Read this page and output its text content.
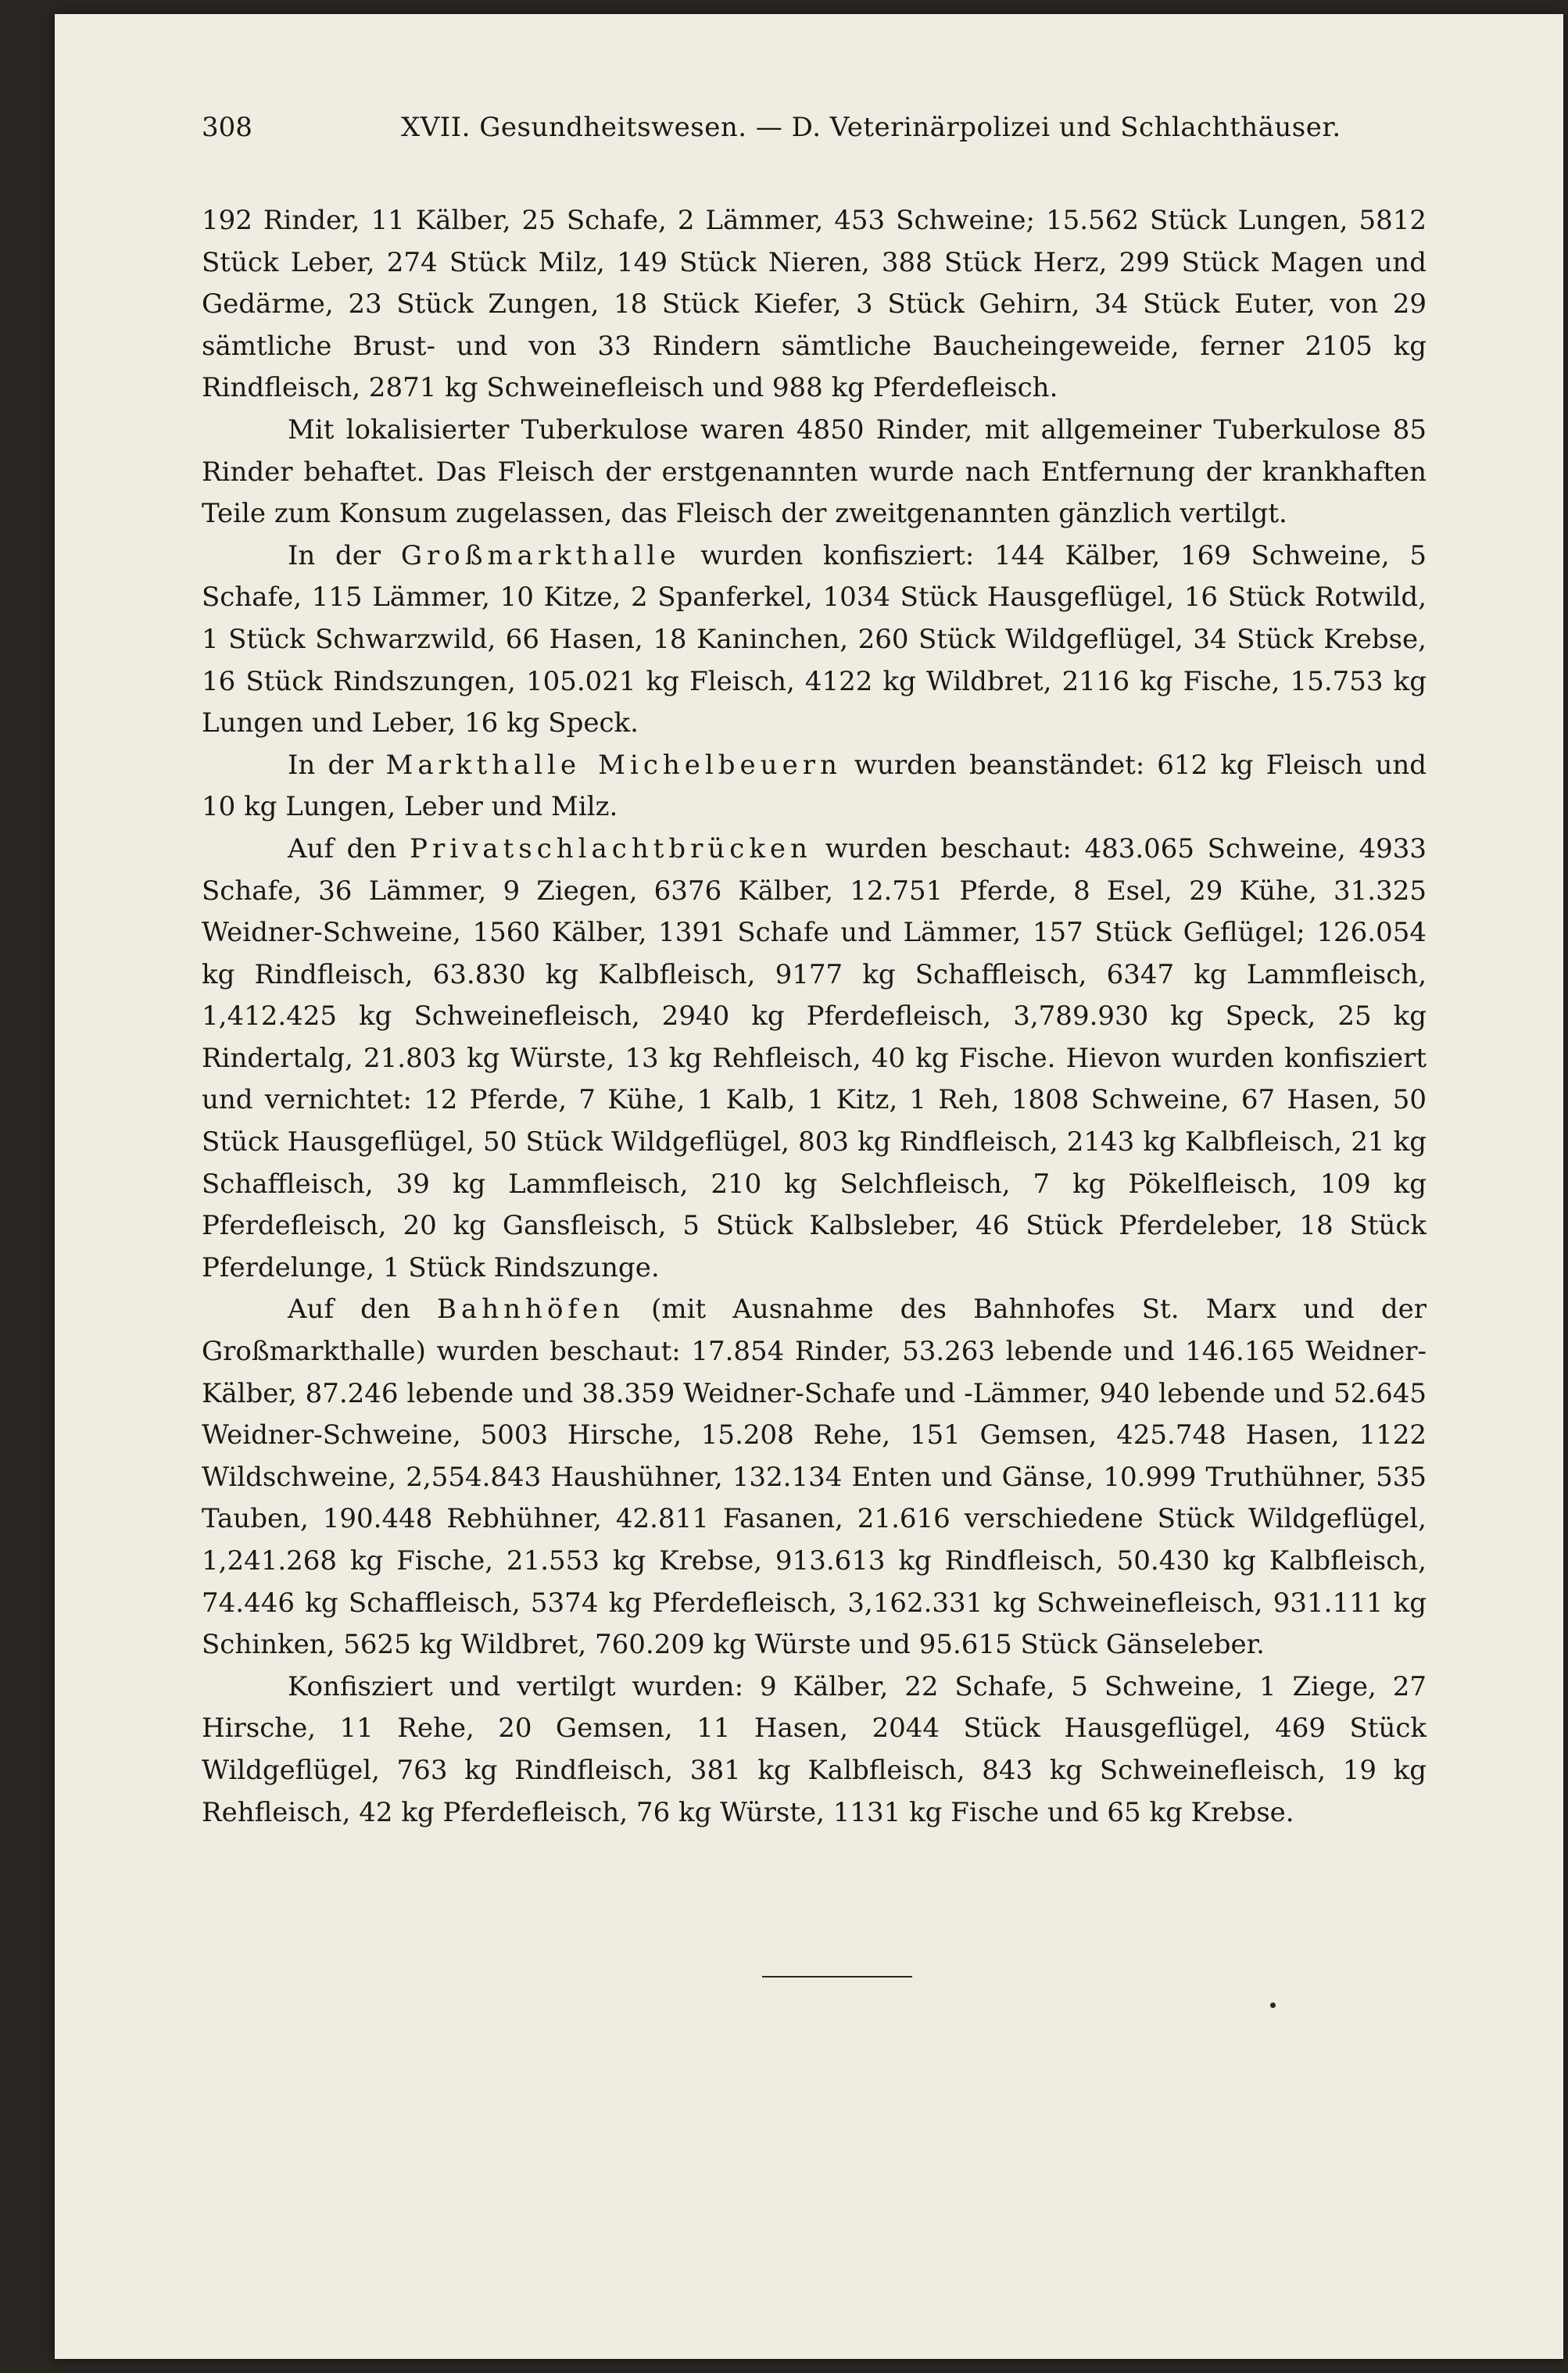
308	XVII. Gesundheitswesen. — D. Veterinärpolizei und Schlachthäuser.

192 Rinder, 11 Kälber, 25 Schafe, 2 Lämmer, 453 Schweine; 15.562 Stück Lungen, 5812 Stück Leber, 274 Stück Milz, 149 Stück Nieren, 388 Stück Herz, 299 Stück Magen und Gedärme, 23 Stück Zungen, 18 Stück Kiefer, 3 Stück Gehirn, 34 Stück Euter, von 29 sämtliche Brust- und von 33 Rindern sämtliche Baucheingeweide, ferner 2105 kg Rindfleisch, 2871 kg Schweinefleisch und 988 kg Pferdefleisch.

Mit lokalisierter Tuberkulose waren 4850 Rinder, mit allgemeiner Tuberkulose 85 Rinder behaftet. Das Fleisch der erstgenannten wurde nach Entfernung der krankhaften Teile zum Konsum zugelassen, das Fleisch der zweitgenannten gänzlich vertilgt.

In der Großmarkthalle wurden konfisziert: 144 Kälber, 169 Schweine, 5 Schafe, 115 Lämmer, 10 Kitze, 2 Spanferkel, 1034 Stück Hausgeflügel, 16 Stück Rotwild, 1 Stück Schwarzwild, 66 Hasen, 18 Kaninchen, 260 Stück Wildgeflügel, 34 Stück Krebse, 16 Stück Rindszungen, 105.021 kg Fleisch, 4122 kg Wildbret, 2116 kg Fische, 15.753 kg Lungen und Leber, 16 kg Speck.

In der Markthalle Michelbeuern wurden beanständet: 612 kg Fleisch und 10 kg Lungen, Leber und Milz.

Auf den Privatschlachtbrücken wurden beschaut: 483.065 Schweine, 4933 Schafe, 36 Lämmer, 9 Ziegen, 6376 Kälber, 12.751 Pferde, 8 Esel, 29 Kühe, 31.325 Weidner-Schweine, 1560 Kälber, 1391 Schafe und Lämmer, 157 Stück Geflügel; 126.054 kg Rindfleisch, 63.830 kg Kalbfleisch, 9177 kg Schaffleisch, 6347 kg Lammfleisch, 1,412.425 kg Schweinefleisch, 2940 kg Pferdefleisch, 3,789.930 kg Speck, 25 kg Rindertalg, 21.803 kg Würste, 13 kg Rehfleisch, 40 kg Fische. Hievon wurden konfisziert und vernichtet: 12 Pferde, 7 Kühe, 1 Kalb, 1 Kitz, 1 Reh, 1808 Schweine, 67 Hasen, 50 Stück Hausgeflügel, 50 Stück Wildgeflügel, 803 kg Rindfleisch, 2143 kg Kalbfleisch, 21 kg Schaffleisch, 39 kg Lammfleisch, 210 kg Selchfleisch, 7 kg Pökelfleisch, 109 kg Pferdefleisch, 20 kg Gansfleisch, 5 Stück Kalbsleber, 46 Stück Pferdeleber, 18 Stück Pferdelunge, 1 Stück Rindszunge.

Auf den Bahnhöfen (mit Ausnahme des Bahnhofes St. Marx und der Großmarkthalle) wurden beschaut: 17.854 Rinder, 53.263 lebende und 146.165 Weidner-Kälber, 87.246 lebende und 38.359 Weidner-Schafe und -Lämmer, 940 lebende und 52.645 Weidner-Schweine, 5003 Hirsche, 15.208 Rehe, 151 Gemsen, 425.748 Hasen, 1122 Wildschweine, 2,554.843 Haushühner, 132.134 Enten und Gänse, 10.999 Truthühner, 535 Tauben, 190.448 Rebhühner, 42.811 Fasanen, 21.616 verschiedene Stück Wildgeflügel, 1,241.268 kg Fische, 21.553 kg Krebse, 913.613 kg Rindfleisch, 50.430 kg Kalbfleisch, 74.446 kg Schaffleisch, 5374 kg Pferdefleisch, 3,162.331 kg Schweinefleisch, 931.111 kg Schinken, 5625 kg Wildbret, 760.209 kg Würste und 95.615 Stück Gänseleber.

Konfisziert und vertilgt wurden: 9 Kälber, 22 Schafe, 5 Schweine, 1 Ziege, 27 Hirsche, 11 Rehe, 20 Gemsen, 11 Hasen, 2044 Stück Hausgeflügel, 469 Stück Wildgeflügel, 763 kg Rindfleisch, 381 kg Kalbfleisch, 843 kg Schweinefleisch, 19 kg Rehfleisch, 42 kg Pferdefleisch, 76 kg Würste, 1131 kg Fische und 65 kg Krebse.
